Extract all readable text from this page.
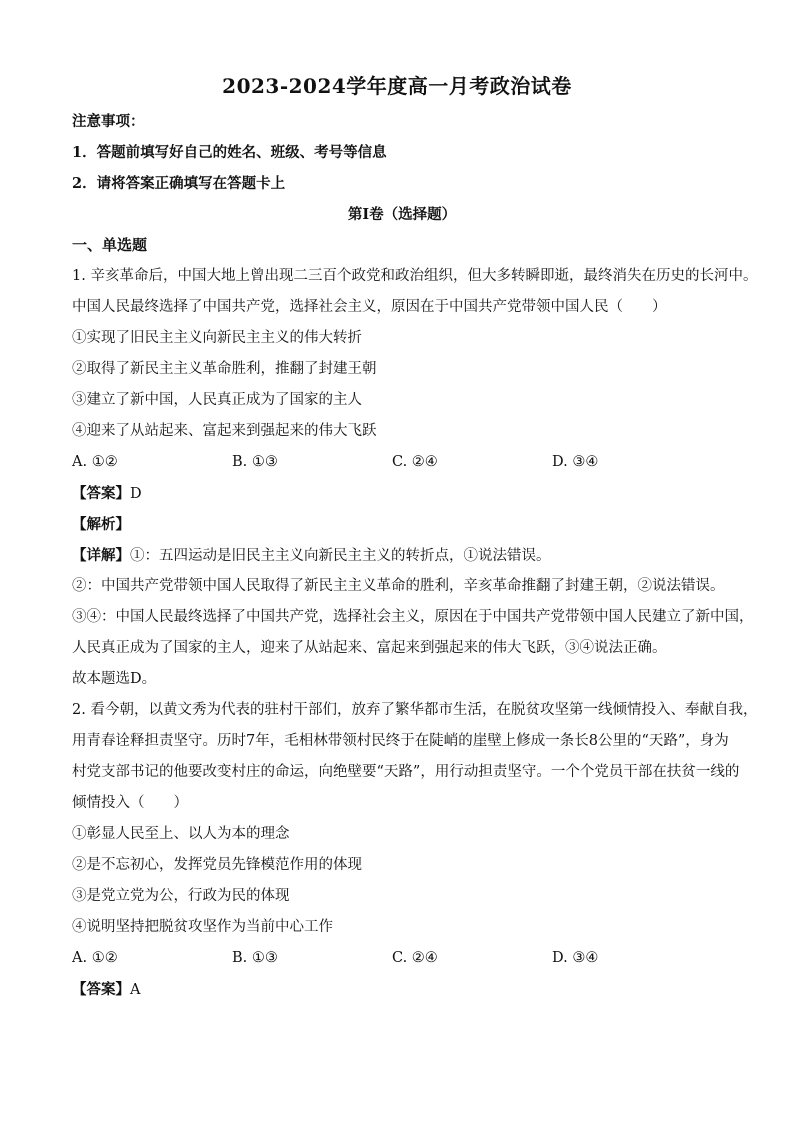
2023-2024学年度高一月考政治试卷
注意事项：
1．答题前填写好自己的姓名、班级、考号等信息
2．请将答案正确填写在答题卡上
第I卷（选择题）
一、单选题
1. 辛亥革命后，中国大地上曾出现二三百个政党和政治组织，但大多转瞬即逝，最终消失在历史的长河中。
中国人民最终选择了中国共产党，选择社会主义，原因在于中国共产党带领中国人民（　　）
①实现了旧民主主义向新民主主义的伟大转折
②取得了新民主主义革命胜利，推翻了封建王朝
③建立了新中国，人民真正成为了国家的主人
④迎来了从站起来、富起来到强起来的伟大飞跃
A. ①②	B. ①③	C. ②④	D. ③④
【答案】D
【解析】
【详解】①：五四运动是旧民主主义向新民主主义的转折点，①说法错误。
②：中国共产党带领中国人民取得了新民主主义革命的胜利，辛亥革命推翻了封建王朝，②说法错误。
③④：中国人民最终选择了中国共产党，选择社会主义，原因在于中国共产党带领中国人民建立了新中国，
人民真正成为了国家的主人，迎来了从站起来、富起来到强起来的伟大飞跃，③④说法正确。
故本题选D。
2. 看今朝，以黄文秀为代表的驻村干部们，放弃了繁华都市生活，在脱贫攻坚第一线倾情投入、奉献自我，
用青春诠释担责坚守。历时7年，毛相林带领村民终于在陡峭的崖壁上修成一条长8公里的“天路”，身为
村党支部书记的他要改变村庄的命运，向绝壁要“天路”，用行动担责坚守。一个个党员干部在扶贫一线的
倾情投入（　　）
①彰显人民至上、以人为本的理念
②是不忘初心，发挥党员先锋模范作用的体现
③是党立党为公，行政为民的体现
④说明坚持把脱贫攻坚作为当前中心工作
A. ①②	B. ①③	C. ②④	D. ③④
【答案】A
